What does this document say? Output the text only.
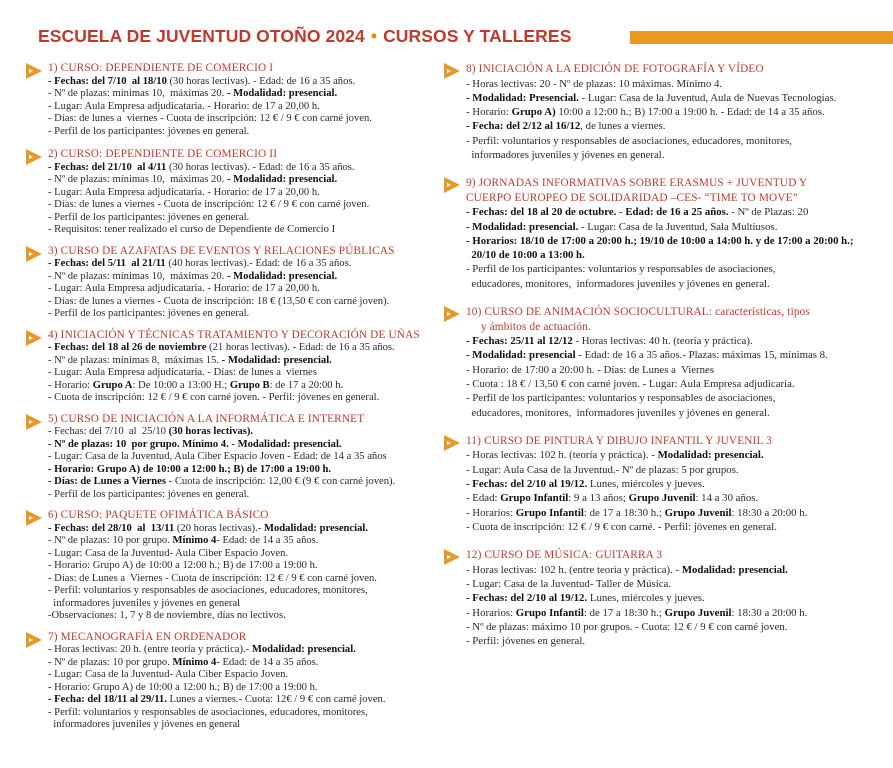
ESCUELA DE JUVENTUD OTOÑO 2024 • CURSOS Y TALLERES
1) CURSO: DEPENDIENTE DE COMERCIO I
- Fechas: del 7/10  al 18/10 (30 horas lectivas). - Edad: de 16 a 35 años.
- Nº de plazas: mínimas 10,  máximas 20. - Modalidad: presencial.
- Lugar: Aula Empresa adjudicataria. - Horario: de 17 a 20,00 h.
- Días: de lunes a  viernes - Cuota de inscripción: 12 € / 9 € con carné joven.
- Perfil de los participantes: jóvenes en general.
2) CURSO: DEPENDIENTE DE COMERCIO II
- Fechas: del 21/10  al 4/11 (30 horas lectivas). - Edad: de 16 a 35 años.
- Nº de plazas: mínimas 10,  máximas 20. - Modalidad: presencial.
- Lugar: Aula Empresa adjudicataria. - Horario: de 17 a 20,00 h.
- Días: de lunes a viernes - Cuota de inscripción: 12 € / 9 € con carné joven.
- Perfil de los participantes: jóvenes en general.
- Requisitos: tener realizado el curso de Dependiente de Comercio I
3) CURSO DE AZAFATAS DE EVENTOS Y RELACIONES PÚBLICAS
- Fechas: del 5/11  al 21/11 (40 horas lectivas).- Edad: de 16 a 35 años.
- Nº de plazas: mínimas 10,  máximas 20. - Modalidad: presencial.
- Lugar: Aula Empresa adjudicataria. - Horario: de 17 a 20,00 h.
- Días: de lunes a viernes - Cuota de inscripción: 18 € (13,50 € con carné joven).
- Perfil de los participantes: jóvenes en general.
4) INICIACIÓN Y TÉCNICAS TRATAMIENTO Y DECORACIÓN DE UÑAS
- Fechas: del 18 al 26 de noviembre (21 horas lectivas). - Edad: de 16 a 35 años.
- Nº de plazas: mínimas 8,  máximas 15. - Modalidad: presencial.
- Lugar: Aula Empresa adjudicataria. - Días: de lunes a  viernes
- Horario: Grupo A: De 10:00 a 13:00 H.; Grupo B: de 17 a 20:00 h.
- Cuota de inscripción: 12 € / 9 € con carné joven. - Perfil: jóvenes en general.
5) CURSO DE INICIACIÓN A LA INFORMÁTICA E INTERNET
- Fechas: del 7/10  al  25/10 (30 horas lectivas).
- Nº de plazas: 10  por grupo. Mínimo 4. - Modalidad: presencial.
- Lugar: Casa de la Juventud, Aula Ciber Espacio Joven - Edad: de 14 a 35 años
- Horario: Grupo A) de 10:00 a 12:00 h.; B) de 17:00 a 19:00 h.
- Días: de Lunes a Viernes - Cuota de inscripción: 12,00 € (9 € con carné joven).
- Perfil de los participantes: jóvenes en general.
6) CURSO: PAQUETE OFIMÁTICA BÁSICO
- Fechas: del 28/10  al  13/11 (20 horas lectivas).- Modalidad: presencial.
- Nº de plazas: 10 por grupo. Mínimo 4- Edad: de 14 a 35 años.
- Lugar: Casa de la Juventud- Aula Ciber Espacio Joven.
- Horario: Grupo A) de 10:00 a 12:00 h.; B) de 17:00 a 19:00 h.
- Días: de Lunes a  Viernes - Cuota de inscripción: 12 € / 9 € con carné joven.
- Perfil: voluntarios y responsables de asociaciones, educadores, monitores,
informadores juveniles y jóvenes en general
-Observaciones: 1, 7 y 8 de noviembre, días no lectivos.
7) MECANOGRAFÍA EN ORDENADOR
- Horas lectivas: 20 h. (entre teoría y práctica).- Modalidad: presencial.
- Nº de plazas: 10 por grupo. Mínimo 4- Edad: de 14 a 35 años.
- Lugar: Casa de la Juventud- Aula Ciber Espacio Joven.
- Horario: Grupo A) de 10:00 a 12:00 h.; B) de 17:00 a 19:00 h.
- Fecha: del 18/11 al 29/11. Lunes a viernes.- Cuota: 12€ / 9 € con carné joven.
- Perfil: voluntarios y responsables de asociaciones, educadores, monitores,
informadores juveniles y jóvenes en general
8) INICIACIÓN A LA EDICIÓN DE FOTOGRAFÍA Y VÍDEO
- Horas lectivas: 20 - Nº de plazas: 10 máximas. Mínimo 4.
- Modalidad: Presencial. - Lugar: Casa de la Juventud, Aula de Nuevas Tecnologías.
- Horario: Grupo A) 10:00 a 12:00 h.; B) 17:00 a 19:00 h. - Edad: de 14 a 35 años.
- Fecha: del 2/12 al 16/12, de lunes a viernes.
- Perfil: voluntarios y responsables de asociaciones, educadores, monitores,
informadores juveniles y jóvenes en general.
9) JORNADAS INFORMATIVAS SOBRE ERASMUS + JUVENTUD Y
CUERPO EUROPEO DE SOLIDARIDAD –CES- “TIME TO MOVE”
- Fechas: del 18 al 20 de octubre. - Edad: de 16 a 25 años. - Nº de Plazas: 20
- Modalidad: presencial. - Lugar: Casa de la Juventud, Sala Multiusos.
- Horarios: 18/10 de 17:00 a 20:00 h.; 19/10 de 10:00 a 14:00 h. y de 17:00 a 20:00 h.;
20/10 de 10:00 a 13:00 h.
- Perfil de los participantes: voluntarios y responsables de asociaciones,
educadores, monitores,  informadores juveniles y jóvenes en general.
10) CURSO DE ANIMACIÓN SOCIOCULTURAL: características, tipos
y ámbitos de actuación.
- Fechas: 25/11 al 12/12 - Horas lectivas: 40 h. (teoría y práctica).
- Modalidad: presencial - Edad: de 16 a 35 años.- Plazas: máximas 15, mínimas 8.
- Horario: de 17:00 a 20:00 h. - Días: de Lunes a  Viernes
- Cuota : 18 € / 13,50 € con carné joven. - Lugar: Aula Empresa adjudicaria.
- Perfil de los participantes: voluntarios y responsables de asociaciones,
educadores, monitores,  informadores juveniles y jóvenes en general.
11) CURSO DE PINTURA Y DIBUJO INFANTIL Y JUVENIL 3
- Horas lectivas: 102 h. (teoría y práctica). - Modalidad: presencial.
- Lugar: Aula Casa de la Juventud.- Nº de plazas: 5 por grupos.
- Fechas: del 2/10 al 19/12. Lunes, miércoles y jueves.
- Edad: Grupo Infantil: 9 a 13 años; Grupo Juvenil: 14 a 30 años.
- Horarios: Grupo Infantil: de 17 a 18:30 h.; Grupo Juvenil: 18:30 a 20:00 h.
- Cuota de inscripción: 12 € / 9 € con carné. - Perfil: jóvenes en general.
12) CURSO DE MÚSICA: GUITARRA 3
- Horas lectivas: 102 h. (entre teoría y práctica). - Modalidad: presencial.
- Lugar: Casa de la Juventud- Taller de Música.
- Fechas: del 2/10 al 19/12. Lunes, miércoles y jueves.
- Horarios: Grupo Infantil: de 17 a 18:30 h.; Grupo Juvenil: 18:30 a 20:00 h.
- Nº de plazas: máximo 10 por grupos. - Cuota: 12 € / 9 € con carné joven.
- Perfil: jóvenes en general.
